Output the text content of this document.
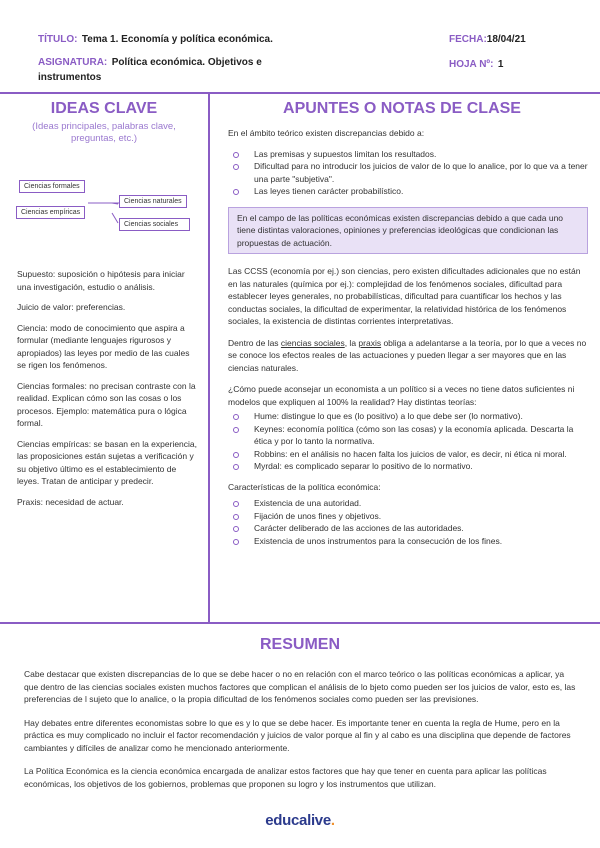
TÍTULO: Tema 1. Economía y política económica.	FECHA:18/04/21
ASIGNATURA: Política económica. Objetivos e
instrumentos
HOJA Nº: 1
IDEAS CLAVE
(Ideas principales, palabras clave, preguntas, etc.)
Ciencias formales
Ciencias naturales
Ciencias empíricas
Ciencias sociales

Supuesto: suposición o hipótesis para iniciar una investigación, estudio o análisis.

Juicio de valor: preferencias.

Ciencia: modo de conocimiento que aspira a formular (mediante lenguajes rigurosos y apropiados) las leyes por medio de las cuales se rigen los fenómenos.

Ciencias formales: no precisan contraste con la realidad. Explican cómo son las cosas o los procesos. Ejemplo: matemática pura o lógica formal.

Ciencias empíricas: se basan en la experiencia, las proposiciones están sujetas a verificación y su objetivo último es el establecimiento de leyes. Tratan de anticipar y predecir.

Praxis: necesidad de actuar.

APUNTES O NOTAS DE CLASE

En el ámbito teórico existen discrepancias debido a:

Las premisas y supuestos limitan los resultados.
Dificultad para no introducir los juicios de valor de lo que lo analice, por lo que va a tener una parte "subjetiva".
Las leyes tienen carácter probabilístico.
En el campo de las políticas económicas existen discrepancias debido a que cada uno tiene distintas valoraciones, opiniones y preferencias ideológicas que condicionan las propuestas de actuación.

Las CCSS (economía por ej.) son ciencias, pero existen dificultades adicionales que no están en las naturales (química por ej.): complejidad de los fenómenos sociales, dificultad para establecer leyes generales, no probabilísticas, dificultad para cuantificar los hechos y las conductas sociales, la dificultad de experimentar, la relatividad histórica de los fenómenos sociales, la existencia de distintas corrientes interpretativas.

Dentro de las ciencias sociales, la praxis obliga a adelantarse a la teoría, por lo que a veces no se conoce los efectos reales de las actuaciones y pueden llegar a ser mayores que en las ciencias naturales.

¿Cómo puede aconsejar un economista a un político si a veces no tiene datos suficientes ni modelos que expliquen al 100% la realidad? Hay distintas teorías:

Hume: distingue lo que es (lo positivo) a lo que debe ser (lo normativo).
Keynes: economía política (cómo son las cosas) y la economía aplicada. Descarta la ética y por lo tanto la normativa.
Robbins: en el análisis no hacen falta los juicios de valor, es decir, ni ética ni moral.
Myrdal: es complicado separar lo positivo de lo normativo.

Características de la política económica:

Existencia de una autoridad.
Fijación de unos fines y objetivos.
Carácter deliberado de las acciones de las autoridades.
Existencia de unos instrumentos para la consecución de los fines.
RESUMEN

Cabe destacar que existen discrepancias de lo que se debe hacer o no en relación con el marco teórico o las políticas económicas a aplicar, ya que dentro de las ciencias sociales existen muchos factores que complican el análisis de lo bjeto como pueden ser los juicios de valor, esto es, las preferencias de l sujeto que lo analice, o la propia dificultad de los fenómenos sociales como pueden ser las previsiones.

Hay debates entre diferentes economistas sobre lo que es y lo que se debe hacer. Es importante tener en cuenta la regla de Hume, pero en la práctica es muy complicado no incluir el factor recomendación y juicios de valor porque al fin y al cabo es una disciplina que depende de factores cambiantes y difíciles de analizar como he mencionado anteriormente.

La Política Económica es la ciencia económica encargada de analizar estos factores que hay que tener en cuenta para aplicar las políticas económicas, los objetivos de los gobiernos, problemas que proponen su logro y los instrumentos que utilizan.

educalive.
